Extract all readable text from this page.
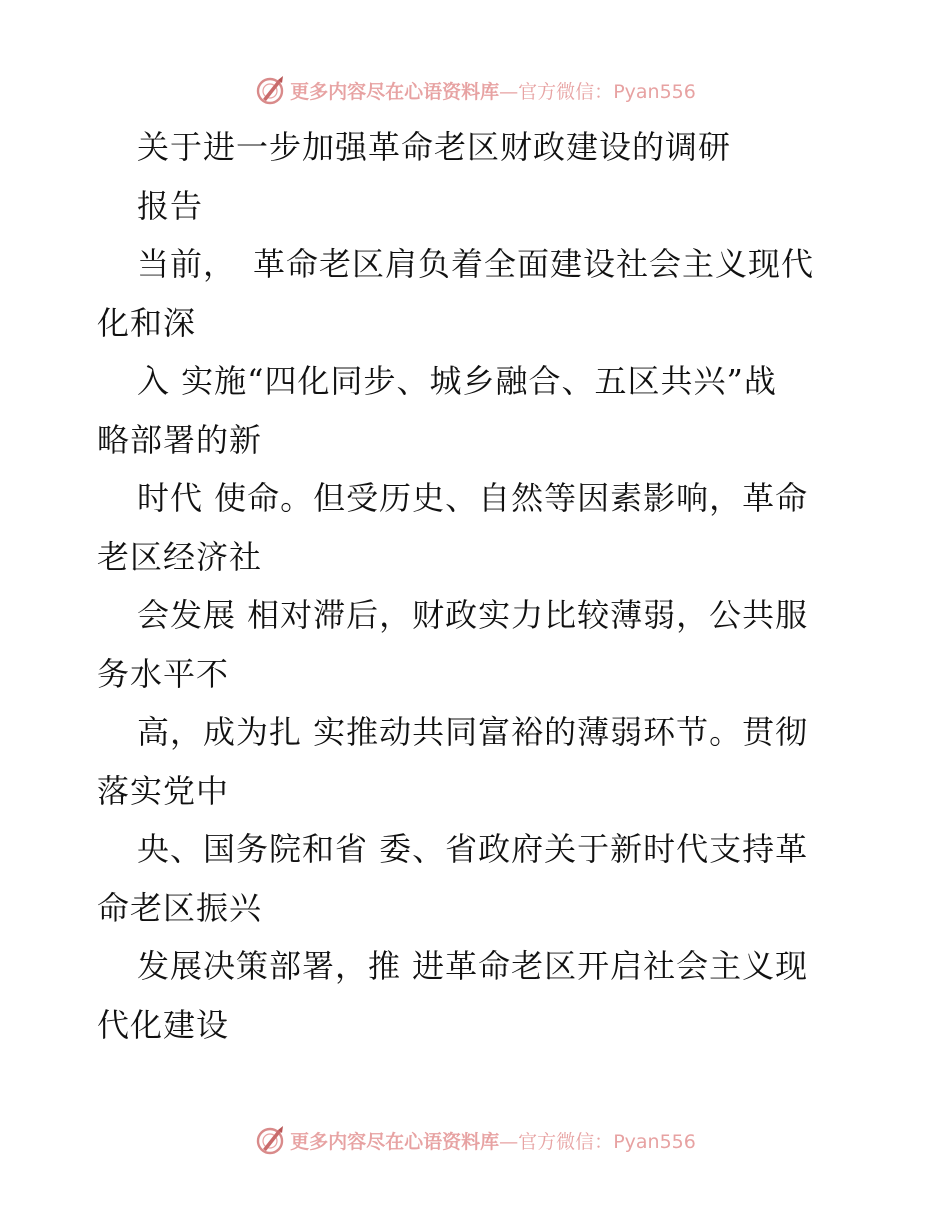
更多内容尽在心语资料库—官方微信：Pyan556
关于进一步加强革命老区财政建设的调研
报告
当前，　革命老区肩负着全面建设社会主义现代
化和深
入 实施“四化同步、城乡融合、五区共兴”战
略部署的新
时代 使命。但受历史、自然等因素影响，革命
老区经济社
会发展 相对滞后，财政实力比较薄弱，公共服
务水平不
高，成为扎 实推动共同富裕的薄弱环节。贯彻
落实党中
央、国务院和省 委、省政府关于新时代支持革
命老区振兴
发展决策部署，推 进革命老区开启社会主义现
代化建设
更多内容尽在心语资料库—官方微信：Pyan556
